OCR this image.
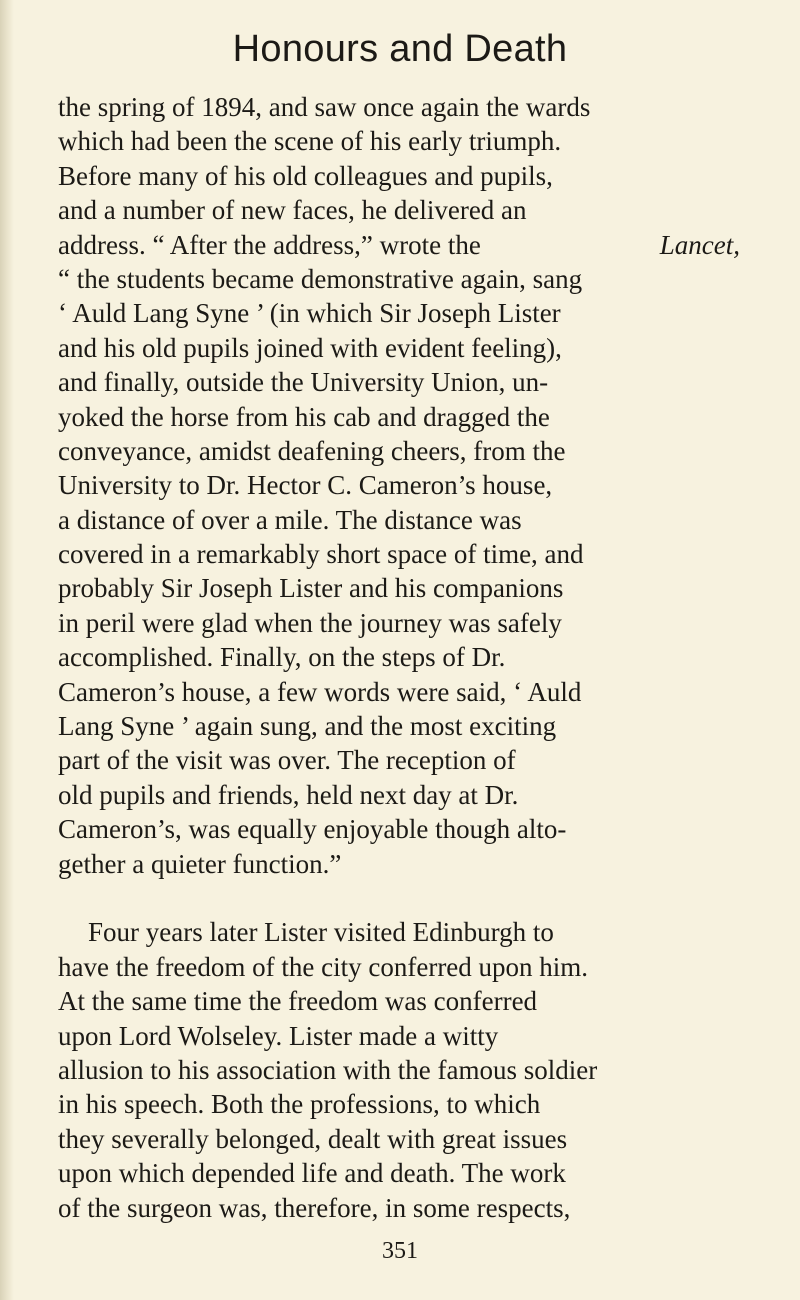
Honours and Death
the spring of 1894, and saw once again the wards
which had been the scene of his early triumph.
Before many of his old colleagues and pupils,
and a number of new faces, he delivered an
address. “ After the address,” wrote the	Lancet,
“ the students became demonstrative again, sang
‘ Auld Lang Syne ’ (in which Sir Joseph Lister
and his old pupils joined with evident feeling),
and finally, outside the University Union, un-
yoked the horse from his cab and dragged the
conveyance, amidst deafening cheers, from the
University to Dr. Hector C. Cameron’s house,
a distance of over a mile. The distance was
covered in a remarkably short space of time, and
probably Sir Joseph Lister and his companions
in peril were glad when the journey was safely
accomplished. Finally, on the steps of Dr.
Cameron’s house, a few words were said, ‘ Auld
Lang Syne ’ again sung, and the most exciting
part of the visit was over. The reception of
old pupils and friends, held next day at Dr.
Cameron’s, was equally enjoyable though alto-
gether a quieter function.”
Four years later Lister visited Edinburgh to
have the freedom of the city conferred upon him.
At the same time the freedom was conferred
upon Lord Wolseley. Lister made a witty
allusion to his association with the famous soldier
in his speech. Both the professions, to which
they severally belonged, dealt with great issues
upon which depended life and death. The work
of the surgeon was, therefore, in some respects,
351
